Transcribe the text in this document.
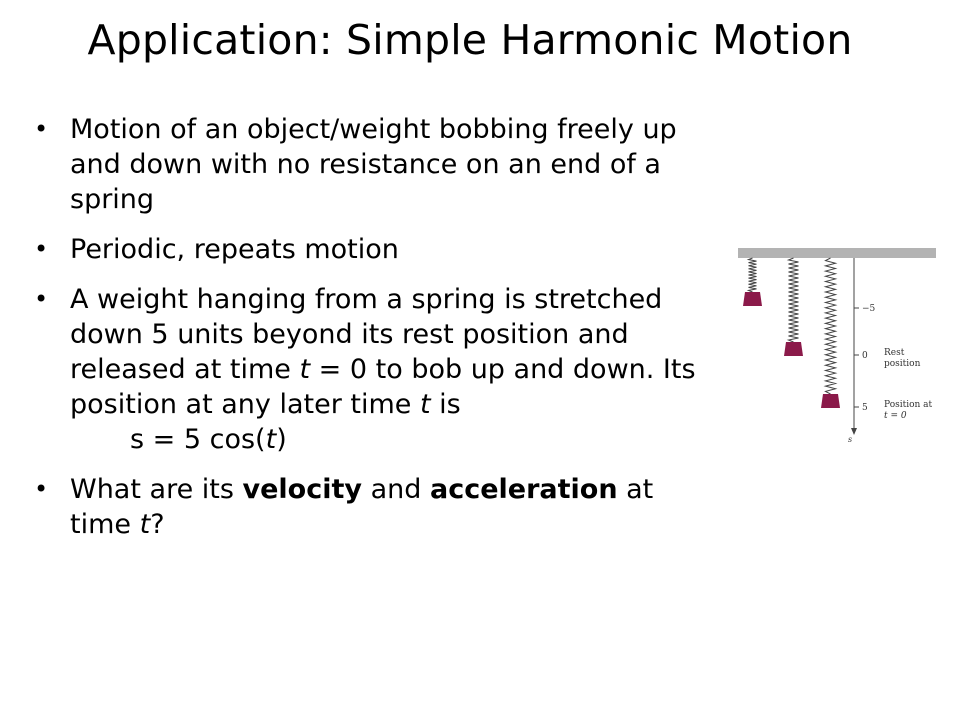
Application: Simple Harmonic Motion
• Motion of an object/weight bobbing freely up and down with no resistance on an end of a spring
• Periodic, repeats motion
• A weight hanging from a spring is stretched down 5 units beyond its rest position and released at time t = 0 to bob up and down. Its position at any later time t is
s = 5 cos(t)
• What are its velocity and acceleration at time t?
−5
0
5
s
Rest
position
Position at
t = 0
